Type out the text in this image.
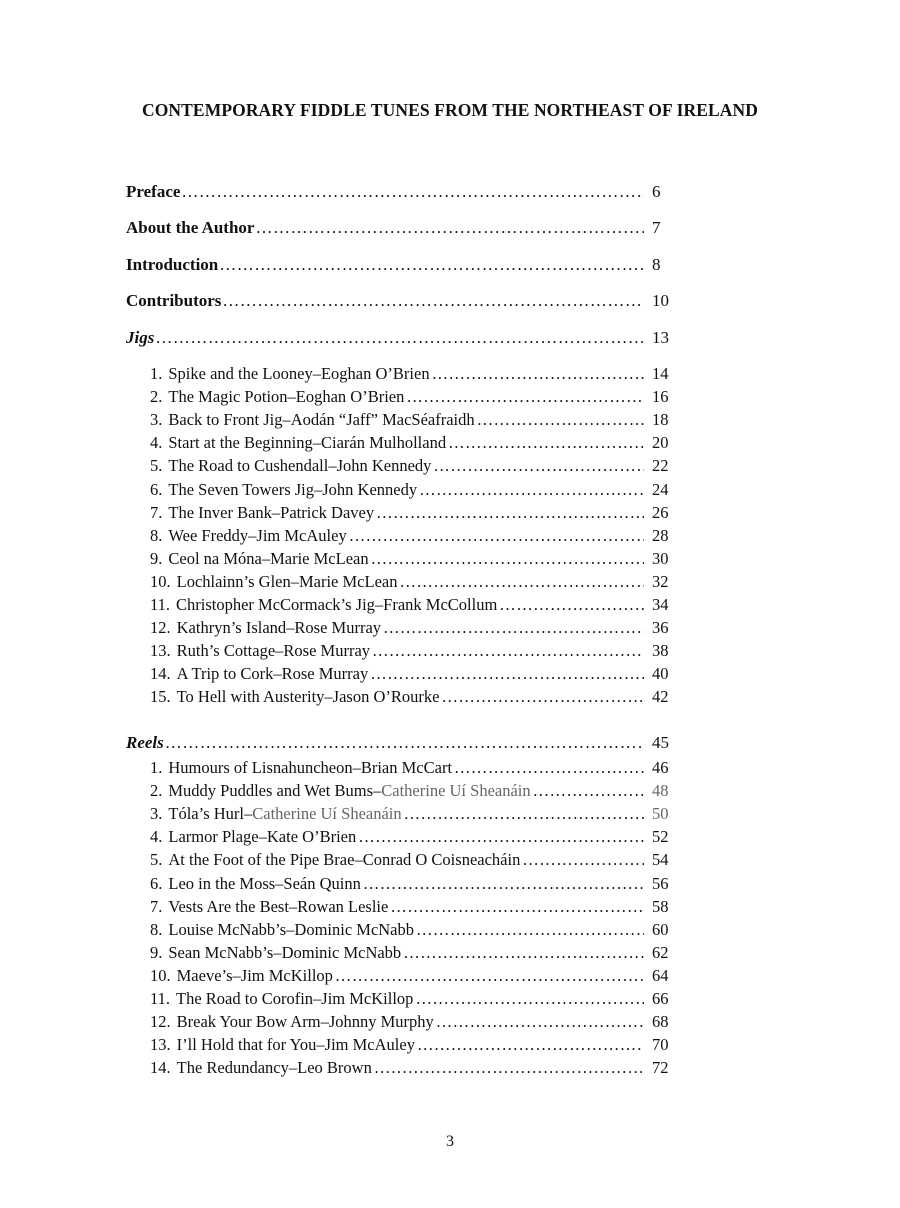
CONTEMPORARY FIDDLE TUNES FROM THE NORTHEAST OF IRELAND
Preface ……………………………………………………………………………………………………………………………	6
About the Author ……………………………………………………………………………………………………………………………	7
Introduction ……………………………………………………………………………………………………………………………	8
Contributors ……………………………………………………………………………………………………………………………	10
Jigs ……………………………………………………………………………………………………………………………	13
1. Spike and the Looney – Eoghan O’Brien ……………………………………………………………………………………………………………………………	14
2. The Magic Potion – Eoghan O’Brien ……………………………………………………………………………………………………………………………	16
3. Back to Front Jig – Aodán “Jaff” MacSéafraidh ……………………………………………………………………………………………………………………………	18
4. Start at the Beginning – Ciarán Mulholland ……………………………………………………………………………………………………………………………	20
5. The Road to Cushendall – John Kennedy ……………………………………………………………………………………………………………………………	22
6. The Seven Towers Jig – John Kennedy ……………………………………………………………………………………………………………………………	24
7. The Inver Bank – Patrick Davey ……………………………………………………………………………………………………………………………	26
8. Wee Freddy – Jim McAuley ……………………………………………………………………………………………………………………………	28
9. Ceol na Móna – Marie McLean ……………………………………………………………………………………………………………………………	30
10. Lochlainn’s Glen – Marie McLean ……………………………………………………………………………………………………………………………	32
11. Christopher McCormack’s Jig – Frank McCollum ……………………………………………………………………………………………………………………………	34
12. Kathryn’s Island – Rose Murray ……………………………………………………………………………………………………………………………	36
13. Ruth’s Cottage – Rose Murray ……………………………………………………………………………………………………………………………	38
14. A Trip to Cork – Rose Murray ……………………………………………………………………………………………………………………………	40
15. To Hell with Austerity – Jason O’Rourke ……………………………………………………………………………………………………………………………	42
Reels ……………………………………………………………………………………………………………………………	45
1. Humours of Lisnahuncheon – Brian McCart ……………………………………………………………………………………………………………………………	46
2. Muddy Puddles and Wet Bums – Catherine Uí Sheanáin ……………………………………………………………………………………………………………………………	48
3. Tóla’s Hurl – Catherine Uí Sheanáin ……………………………………………………………………………………………………………………………	50
4. Larmor Plage – Kate O’Brien ……………………………………………………………………………………………………………………………	52
5. At the Foot of the Pipe Brae – Conrad O Coisneacháin ……………………………………………………………………………………………………………………………	54
6. Leo in the Moss – Seán Quinn ……………………………………………………………………………………………………………………………	56
7. Vests Are the Best – Rowan Leslie ……………………………………………………………………………………………………………………………	58
8. Louise McNabb’s – Dominic McNabb ……………………………………………………………………………………………………………………………	60
9. Sean McNabb’s – Dominic McNabb ……………………………………………………………………………………………………………………………	62
10. Maeve’s – Jim McKillop ……………………………………………………………………………………………………………………………	64
11. The Road to Corofin – Jim McKillop ……………………………………………………………………………………………………………………………	66
12. Break Your Bow Arm – Johnny Murphy ……………………………………………………………………………………………………………………………	68
13. I’ll Hold that for You – Jim McAuley ……………………………………………………………………………………………………………………………	70
14. The Redundancy – Leo Brown ……………………………………………………………………………………………………………………………	72
3
